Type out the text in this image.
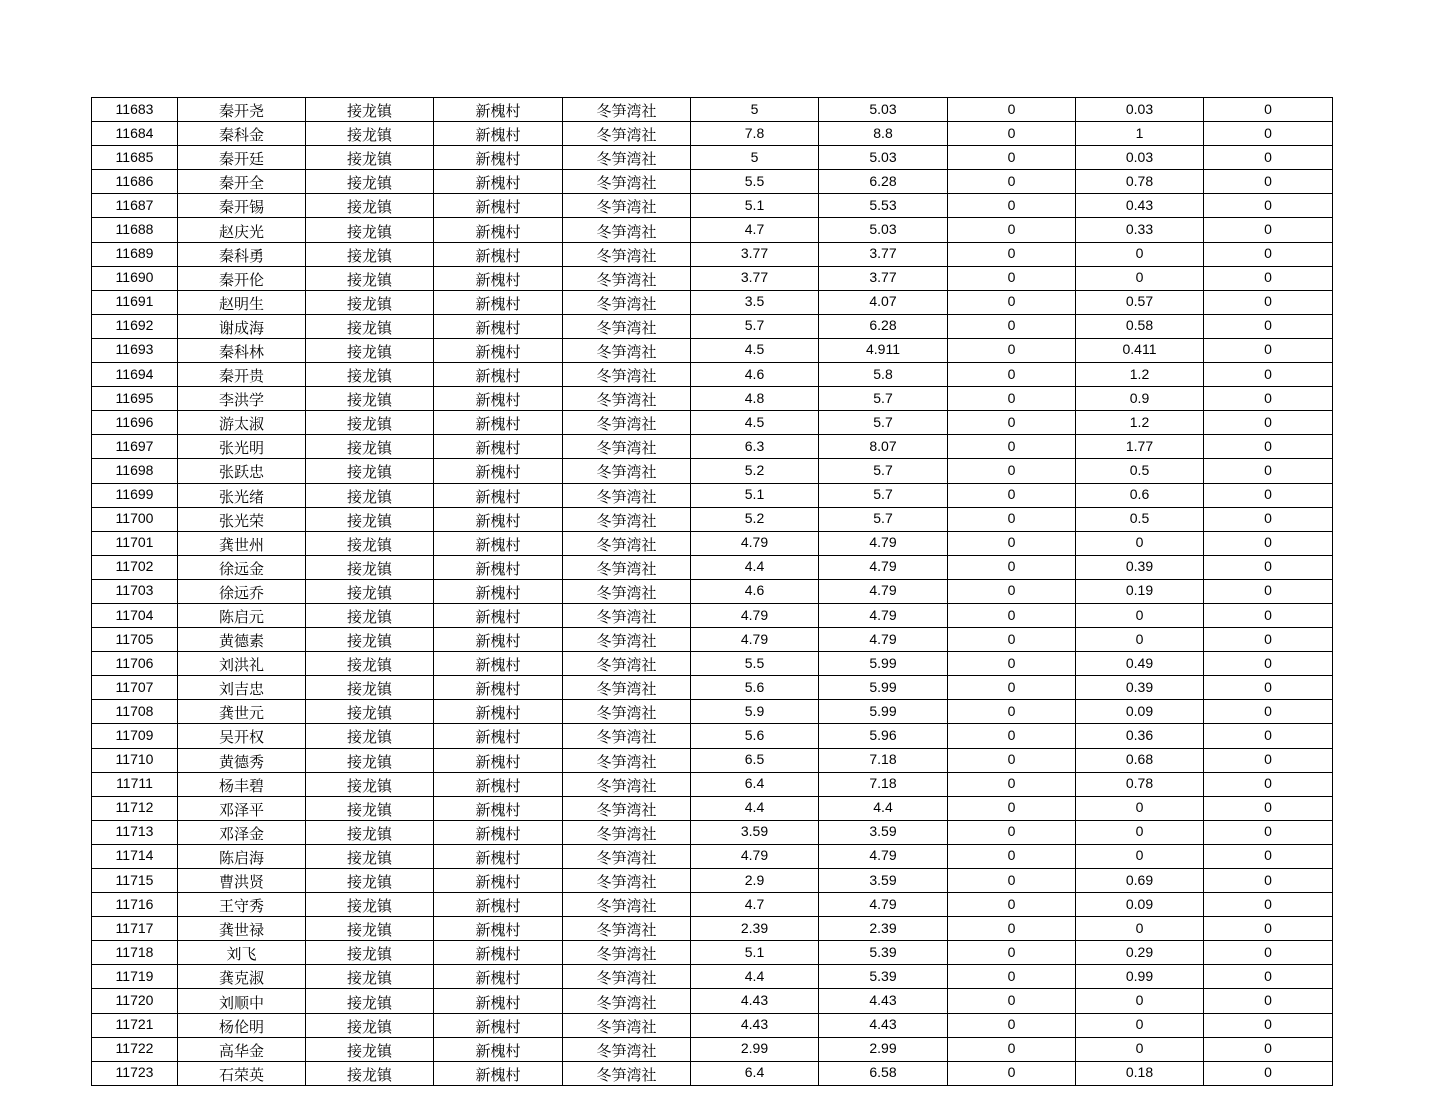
11683	秦开尧	接龙镇	新槐村	冬笋湾社	5	5.03	0	0.03	0
11684	秦科金	接龙镇	新槐村	冬笋湾社	7.8	8.8	0	1	0
11685	秦开廷	接龙镇	新槐村	冬笋湾社	5	5.03	0	0.03	0
11686	秦开全	接龙镇	新槐村	冬笋湾社	5.5	6.28	0	0.78	0
11687	秦开锡	接龙镇	新槐村	冬笋湾社	5.1	5.53	0	0.43	0
11688	赵庆光	接龙镇	新槐村	冬笋湾社	4.7	5.03	0	0.33	0
11689	秦科勇	接龙镇	新槐村	冬笋湾社	3.77	3.77	0	0	0
11690	秦开伦	接龙镇	新槐村	冬笋湾社	3.77	3.77	0	0	0
11691	赵明生	接龙镇	新槐村	冬笋湾社	3.5	4.07	0	0.57	0
11692	谢成海	接龙镇	新槐村	冬笋湾社	5.7	6.28	0	0.58	0
11693	秦科林	接龙镇	新槐村	冬笋湾社	4.5	4.911	0	0.411	0
11694	秦开贵	接龙镇	新槐村	冬笋湾社	4.6	5.8	0	1.2	0
11695	李洪学	接龙镇	新槐村	冬笋湾社	4.8	5.7	0	0.9	0
11696	游太淑	接龙镇	新槐村	冬笋湾社	4.5	5.7	0	1.2	0
11697	张光明	接龙镇	新槐村	冬笋湾社	6.3	8.07	0	1.77	0
11698	张跃忠	接龙镇	新槐村	冬笋湾社	5.2	5.7	0	0.5	0
11699	张光绪	接龙镇	新槐村	冬笋湾社	5.1	5.7	0	0.6	0
11700	张光荣	接龙镇	新槐村	冬笋湾社	5.2	5.7	0	0.5	0
11701	龚世州	接龙镇	新槐村	冬笋湾社	4.79	4.79	0	0	0
11702	徐远金	接龙镇	新槐村	冬笋湾社	4.4	4.79	0	0.39	0
11703	徐远乔	接龙镇	新槐村	冬笋湾社	4.6	4.79	0	0.19	0
11704	陈启元	接龙镇	新槐村	冬笋湾社	4.79	4.79	0	0	0
11705	黄德素	接龙镇	新槐村	冬笋湾社	4.79	4.79	0	0	0
11706	刘洪礼	接龙镇	新槐村	冬笋湾社	5.5	5.99	0	0.49	0
11707	刘吉忠	接龙镇	新槐村	冬笋湾社	5.6	5.99	0	0.39	0
11708	龚世元	接龙镇	新槐村	冬笋湾社	5.9	5.99	0	0.09	0
11709	吴开权	接龙镇	新槐村	冬笋湾社	5.6	5.96	0	0.36	0
11710	黄德秀	接龙镇	新槐村	冬笋湾社	6.5	7.18	0	0.68	0
11711	杨丰碧	接龙镇	新槐村	冬笋湾社	6.4	7.18	0	0.78	0
11712	邓泽平	接龙镇	新槐村	冬笋湾社	4.4	4.4	0	0	0
11713	邓泽金	接龙镇	新槐村	冬笋湾社	3.59	3.59	0	0	0
11714	陈启海	接龙镇	新槐村	冬笋湾社	4.79	4.79	0	0	0
11715	曹洪贤	接龙镇	新槐村	冬笋湾社	2.9	3.59	0	0.69	0
11716	王守秀	接龙镇	新槐村	冬笋湾社	4.7	4.79	0	0.09	0
11717	龚世禄	接龙镇	新槐村	冬笋湾社	2.39	2.39	0	0	0
11718	刘飞	接龙镇	新槐村	冬笋湾社	5.1	5.39	0	0.29	0
11719	龚克淑	接龙镇	新槐村	冬笋湾社	4.4	5.39	0	0.99	0
11720	刘顺中	接龙镇	新槐村	冬笋湾社	4.43	4.43	0	0	0
11721	杨伦明	接龙镇	新槐村	冬笋湾社	4.43	4.43	0	0	0
11722	高华金	接龙镇	新槐村	冬笋湾社	2.99	2.99	0	0	0
11723	石荣英	接龙镇	新槐村	冬笋湾社	6.4	6.58	0	0.18	0
